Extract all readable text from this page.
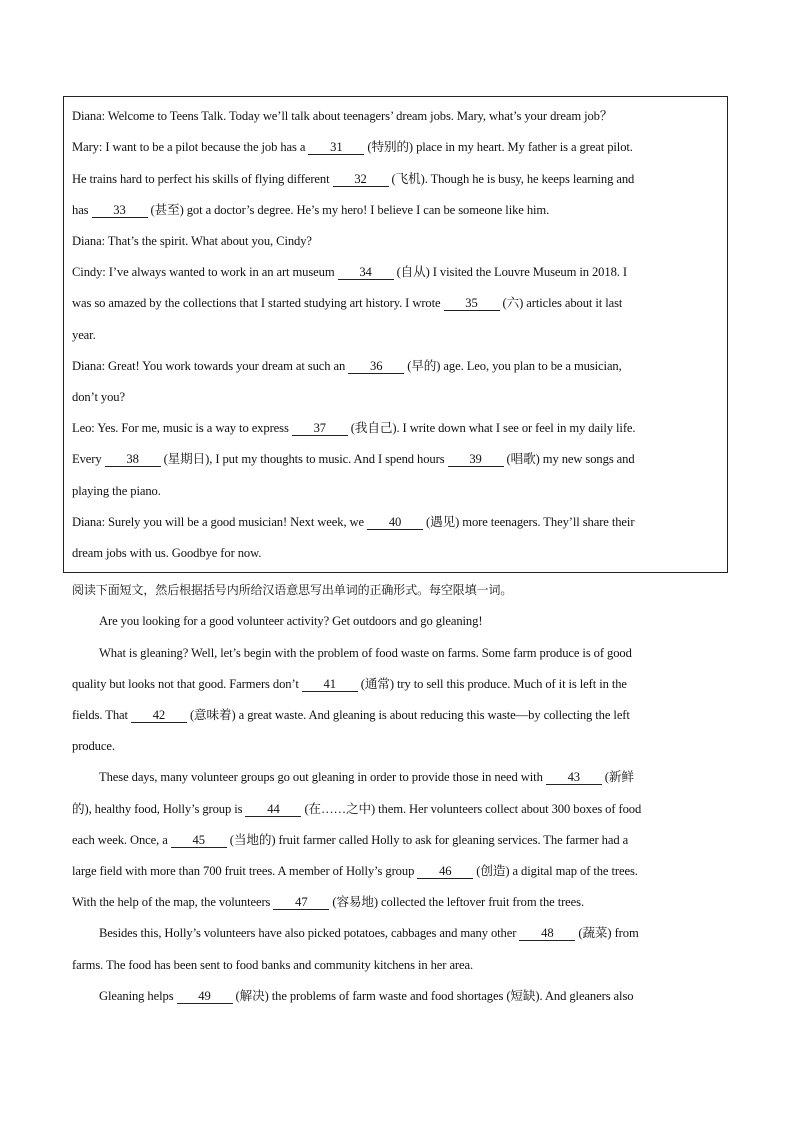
Diana: Welcome to Teens Talk. Today we’ll talk about teenagers’ dream jobs. Mary, what’s your dream job？
Mary: I want to be a pilot because the job has a 31 (特别的) place in my heart. My father is a great pilot.
He trains hard to perfect his skills of flying different 32 (飞机). Though he is busy, he keeps learning and
has 33 (甚至) got a doctor’s degree. He’s my hero! I believe I can be someone like him.
Diana: That’s the spirit. What about you, Cindy?
Cindy: I’ve always wanted to work in an art museum 34 (自从) I visited the Louvre Museum in 2018. I
was so amazed by the collections that I started studying art history. I wrote 35 (六) articles about it last
year.
Diana: Great! You work towards your dream at such an 36 (早的) age. Leo, you plan to be a musician,
don’t you?
Leo: Yes. For me, music is a way to express 37 (我自己). I write down what I see or feel in my daily life.
Every 38 (星期日), I put my thoughts to music. And I spend hours 39 (唱歌) my new songs and
playing the piano.
Diana: Surely you will be a good musician! Next week, we 40 (遇见) more teenagers. They’ll share their
dream jobs with us. Goodbye for now.
阅读下面短文，然后根据括号内所给汉语意思写出单词的正确形式。每空限填一词。
Are you looking for a good volunteer activity? Get outdoors and go gleaning!
What is gleaning? Well, let’s begin with the problem of food waste on farms. Some farm produce is of good
quality but looks not that good. Farmers don’t 41 (通常) try to sell this produce. Much of it is left in the
fields. That 42 (意味着) a great waste. And gleaning is about reducing this waste—by collecting the left
produce.
These days, many volunteer groups go out gleaning in order to provide those in need with 43 (新鲜
的), healthy food, Holly’s group is 44 (在……之中) them. Her volunteers collect about 300 boxes of food
each week. Once, a 45 (当地的) fruit farmer called Holly to ask for gleaning services. The farmer had a
large field with more than 700 fruit trees. A member of Holly’s group 46 (创造) a digital map of the trees.
With the help of the map, the volunteers 47 (容易地) collected the leftover fruit from the trees.
Besides this, Holly’s volunteers have also picked potatoes, cabbages and many other 48 (蔬菜) from
farms. The food has been sent to food banks and community kitchens in her area.
Gleaning helps 49 (解决) the problems of farm waste and food shortages (短缺). And gleaners also
